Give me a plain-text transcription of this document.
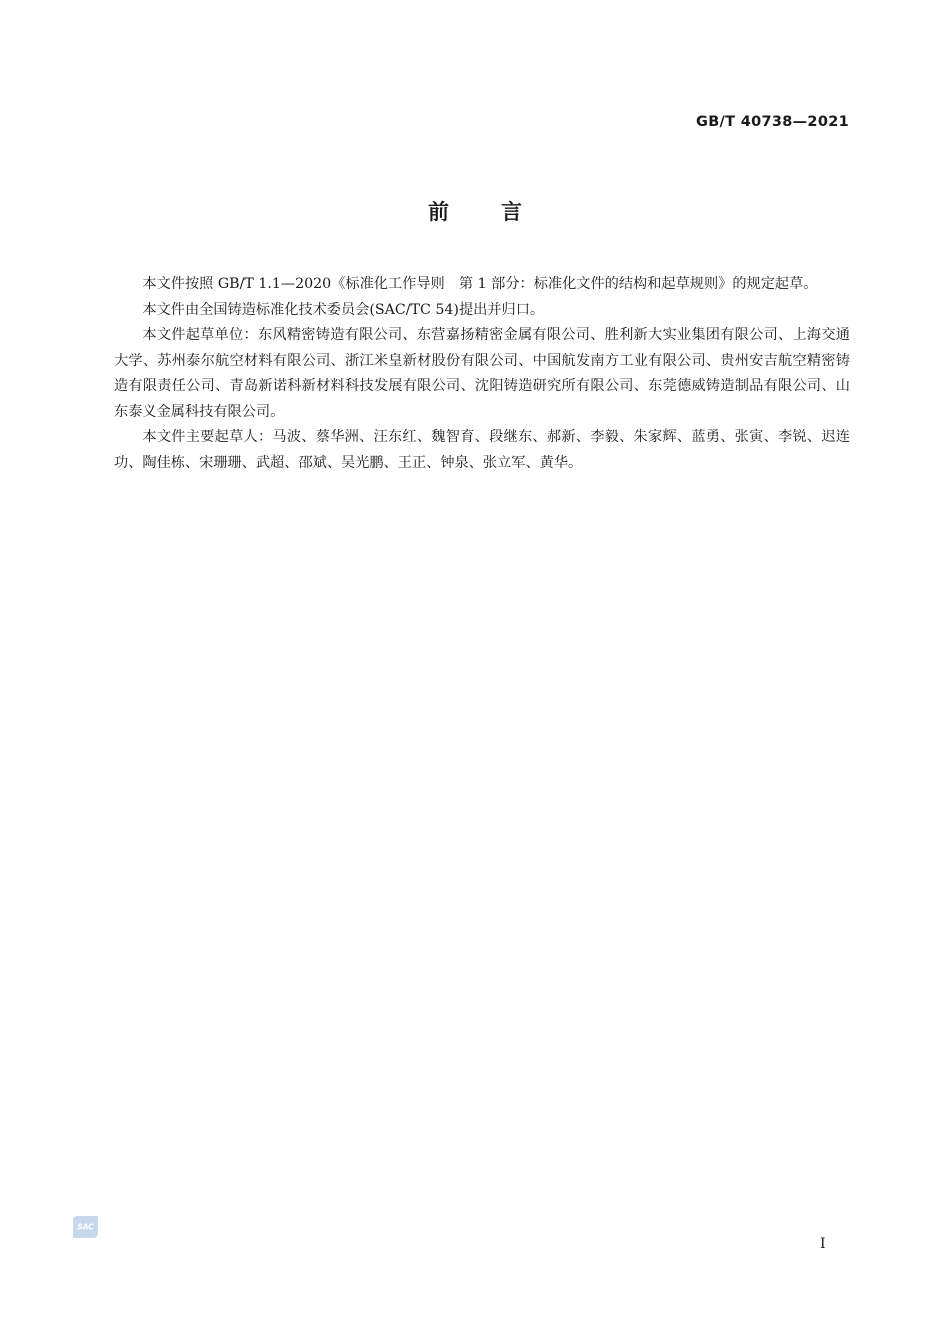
GB/T 40738—2021
前言

本文件按照 GB/T 1.1—2020《标准化工作导则　第 1 部分：标准化文件的结构和起草规则》的规定起草。

本文件由全国铸造标准化技术委员会(SAC/TC 54)提出并归口。

本文件起草单位：东风精密铸造有限公司、东营嘉扬精密金属有限公司、胜利新大实业集团有限公司、上海交通大学、苏州泰尔航空材料有限公司、浙江米皇新材股份有限公司、中国航发南方工业有限公司、贵州安吉航空精密铸造有限责任公司、青岛新诺科新材料科技发展有限公司、沈阳铸造研究所有限公司、东莞德威铸造制品有限公司、山东泰义金属科技有限公司。

本文件主要起草人：马波、蔡华洲、汪东红、魏智育、段继东、郝新、李毅、朱家辉、蓝勇、张寅、李锐、迟连功、陶佳栋、宋珊珊、武超、邵斌、吴光鹏、王正、钟泉、张立军、黄华。

SAC
I
